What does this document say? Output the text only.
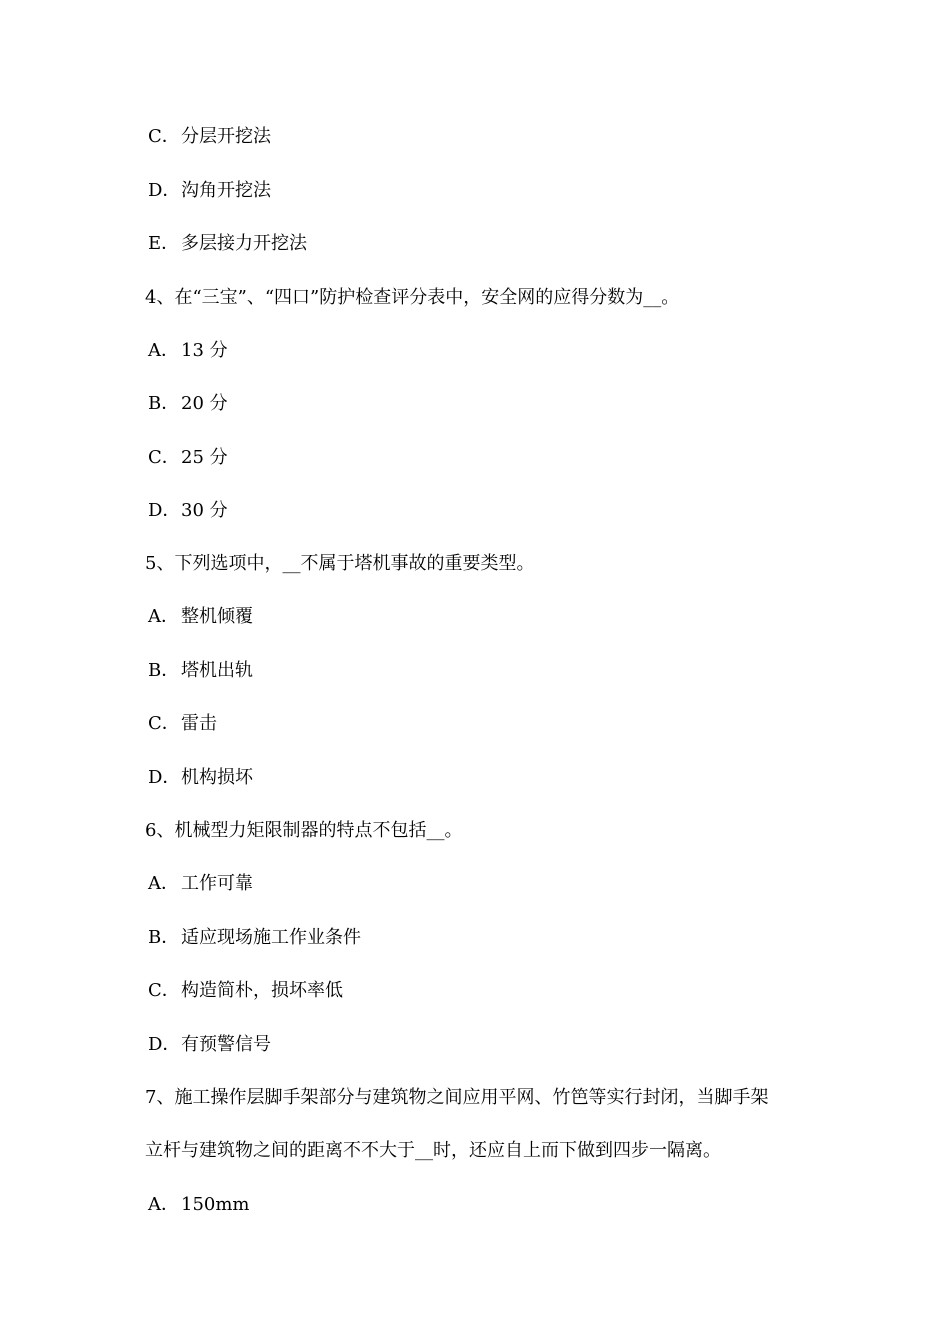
C．分层开挖法
D．沟角开挖法
E． 多层接力开挖法
4、在“三宝”、“四口”防护检查评分表中，安全网的应得分数为__。
A． 13 分
B．20 分
C．25 分
D．30 分
5、下列选项中，__不属于塔机事故的重要类型。
A． 整机倾覆
B．塔机出轨
C．雷击
D．机构损坏
6、机械型力矩限制器的特点不包括__。
A． 工作可靠
B．适应现场施工作业条件
C．构造简朴，损坏率低
D．有预警信号
7、施工操作层脚手架部分与建筑物之间应用平网、竹笆等实行封闭，当脚手架
立杆与建筑物之间的距离不不大于__时，还应自上而下做到四步一隔离。
A． 150mm
